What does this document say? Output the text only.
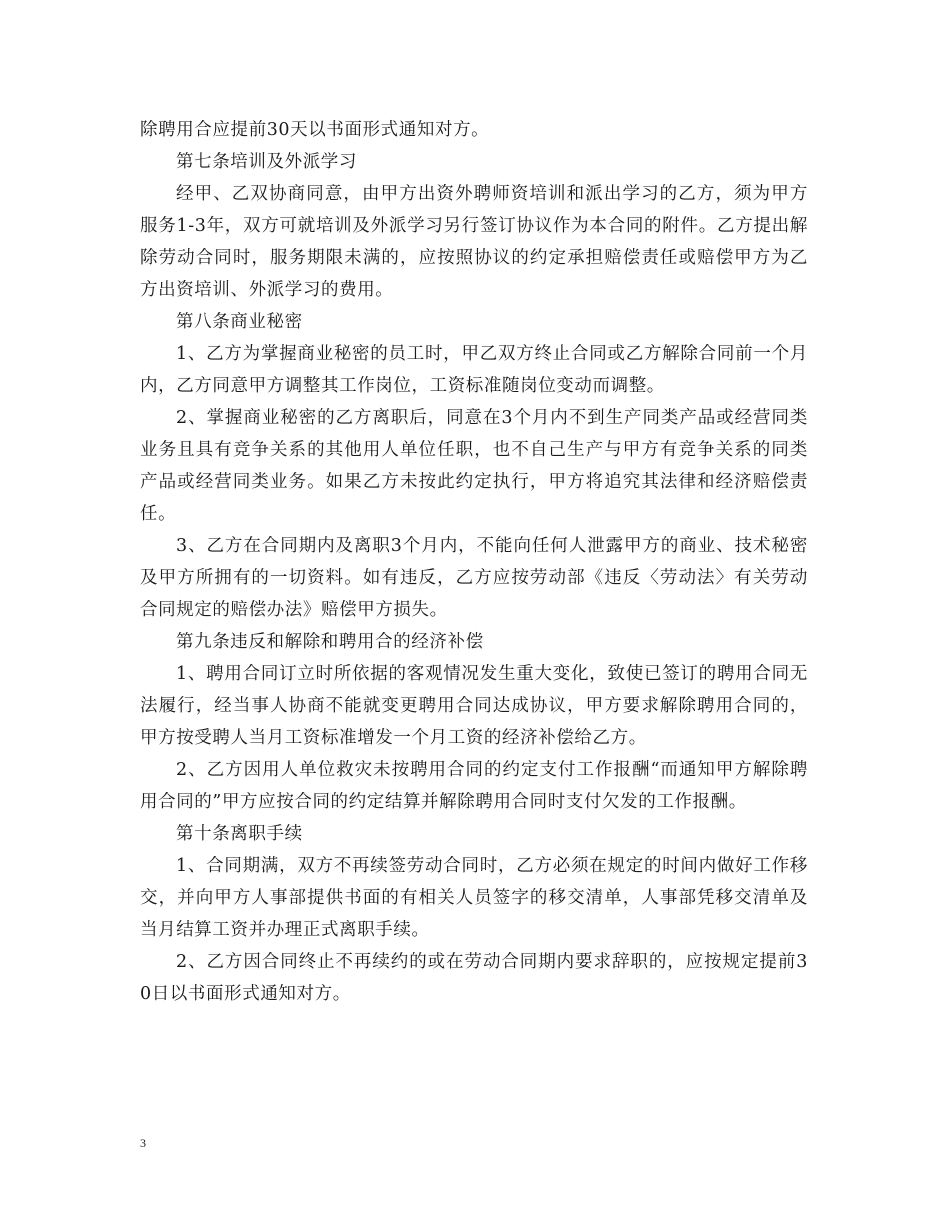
除聘用合应提前30天以书面形式通知对方。

第七条培训及外派学习

经甲、乙双协商同意，由甲方出资外聘师资培训和派出学习的乙方，须为甲方服务1-3年，双方可就培训及外派学习另行签订协议作为本合同的附件。乙方提出解除劳动合同时，服务期限未满的，应按照协议的约定承担赔偿责任或赔偿甲方为乙方出资培训、外派学习的费用。

第八条商业秘密

1、乙方为掌握商业秘密的员工时，甲乙双方终止合同或乙方解除合同前一个月内，乙方同意甲方调整其工作岗位，工资标准随岗位变动而调整。

2、掌握商业秘密的乙方离职后，同意在3个月内不到生产同类产品或经营同类业务且具有竞争关系的其他用人单位任职，也不自己生产与甲方有竞争关系的同类产品或经营同类业务。如果乙方未按此约定执行，甲方将追究其法律和经济赔偿责任。

3、乙方在合同期内及离职3个月内，不能向任何人泄露甲方的商业、技术秘密及甲方所拥有的一切资料。如有违反，乙方应按劳动部《违反〈劳动法〉有关劳动合同规定的赔偿办法》赔偿甲方损失。

第九条违反和解除和聘用合的经济补偿

1、聘用合同订立时所依据的客观情况发生重大变化，致使已签订的聘用合同无法履行，经当事人协商不能就变更聘用合同达成协议，甲方要求解除聘用合同的，甲方按受聘人当月工资标准增发一个月工资的经济补偿给乙方。

2、乙方因用人单位救灾未按聘用合同的约定支付工作报酬“而通知甲方解除聘用合同的”甲方应按合同的约定结算并解除聘用合同时支付欠发的工作报酬。

第十条离职手续

1、合同期满，双方不再续签劳动合同时，乙方必须在规定的时间内做好工作移交，并向甲方人事部提供书面的有相关人员签字的移交清单，人事部凭移交清单及当月结算工资并办理正式离职手续。

2、乙方因合同终止不再续约的或在劳动合同期内要求辞职的，应按规定提前30日以书面形式通知对方。

3
